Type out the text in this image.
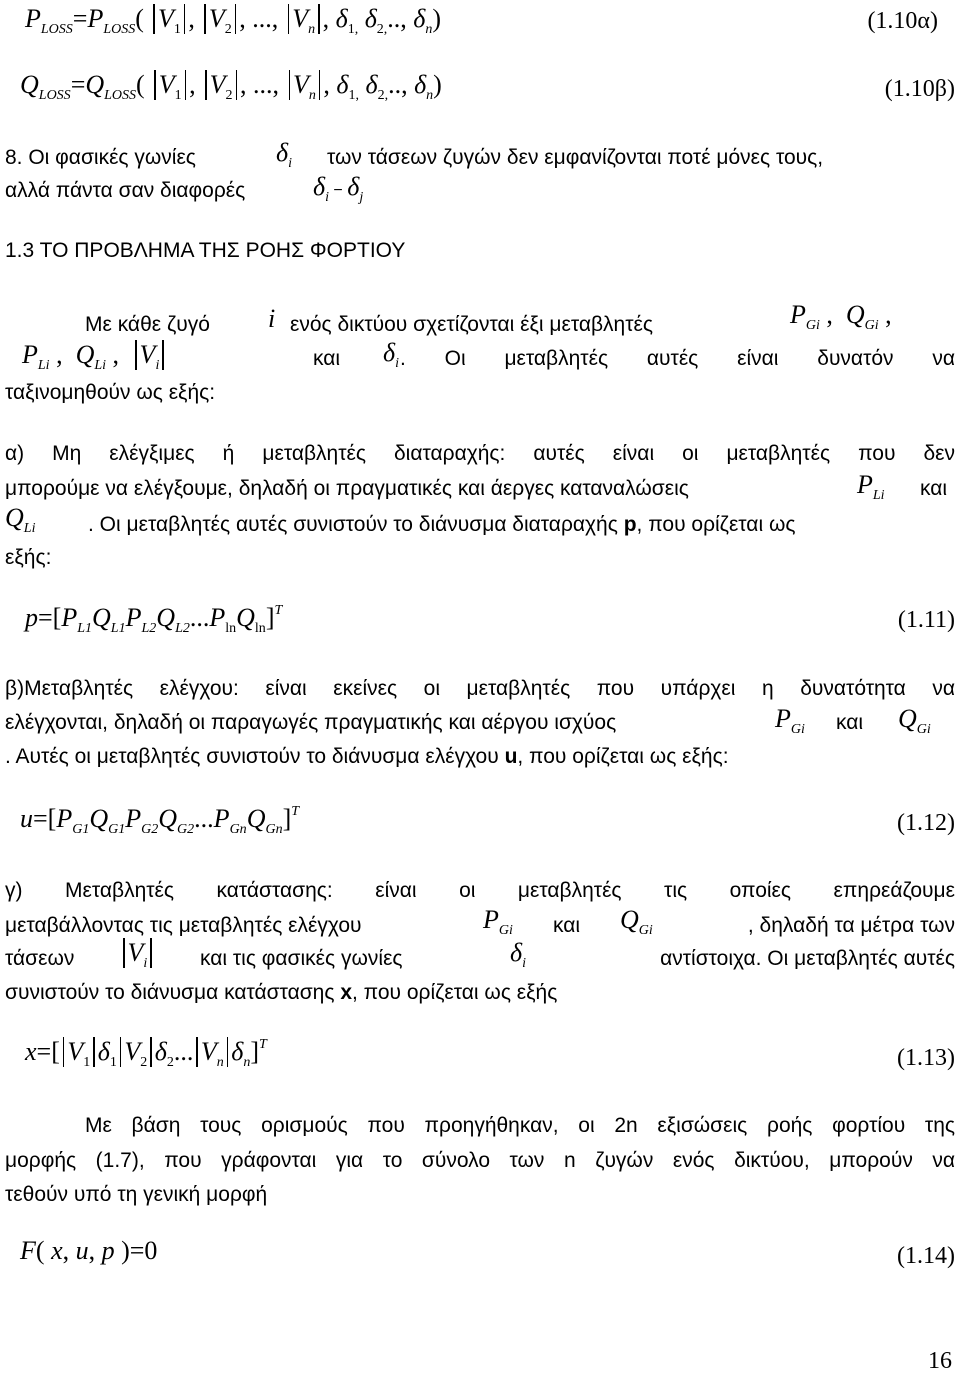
$P_{LOSS}=P_{LOSS}$( $V_1$ , $V_2$ , ..., $V_n$ , $\delta_{1,}$ $\delta_{2,}$.., $\delta_n$)	(1.10α)
$Q_{LOSS}=Q_{LOSS}$( $V_1$ , $V_2$ , ..., $V_n$ , $\delta_{1,}$ $\delta_{2,}$.., $\delta_n$)	(1.10β)
8. Οι φασικές γωνίες	$\delta_i$ των τάσεων ζυγών δεν εμφανίζονται ποτέ μόνες τους,
αλλά πάντα σαν διαφορές	$\delta_i - \delta_j$
1.3 ΤΟ ΠΡΟΒΛΗΜΑ ΤΗΣ ΡΟΗΣ ΦΟΡΤΙΟΥ
Με κάθε ζυγό i ενός δικτύου σχετίζονται έξι μεταβλητές	$P_{Gi}$ ,  $Q_{Gi}$ ,
$P_{Li}$ ,  $Q_{Li}$ ,  $V_i$	και $\delta_i$ . Οι μεταβλητές αυτές είναι δυνατόν να
ταξινομηθούν ως εξής:
α) Μη ελέγξιμες ή μεταβλητές διαταραχής: αυτές είναι οι μεταβλητές που δεν
μπορούμε να ελέγξουμε, δηλαδή οι πραγματικές και άεργες καταναλώσεις	$P_{Li}$ και
$Q_{Li}$	. Οι μεταβλητές αυτές συνιστούν το διάνυσμα διαταραχής p, που ορίζεται ως
εξής:
$p=[P_{L1}Q_{L1}P_{L2}Q_{L2}...P_{ln}Q_{ln}]^T$	(1.11)
β)Μεταβλητές ελέγχου: είναι εκείνες οι μεταβλητές που υπάρχει η δυνατότητα να
ελέγχονται, δηλαδή οι παραγωγές πραγματικής και αέργου ισχύος	$P_{Gi}$ και $Q_{Gi}$
. Αυτές οι μεταβλητές συνιστούν το διάνυσμα ελέγχου u, που ορίζεται ως εξής:
$u=[P_{G1}Q_{G1}P_{G2}Q_{G2}...P_{Gn}Q_{Gn}]^T$	(1.12)
γ) Μεταβλητές κατάστασης: είναι οι μεταβλητές τις οποίες επηρεάζουμε
μεταβάλλοντας τις μεταβλητές ελέγχου	$P_{Gi}$ και $Q_{Gi}$	, δηλαδή τα μέτρα των
τάσεων $V_i$	και τις φασικές γωνίες	$\delta_i$	αντίστοιχα. Οι μεταβλητές αυτές
συνιστούν το διάνυσμα κατάστασης x, που ορίζεται ως εξής
x=[ $V_1$ $\delta_1$ $V_2$ $\delta_2$... $V_n$ $\delta_n]^T$
(1.13)
Με βάση τους ορισμούς που προηγήθηκαν, οι 2n εξισώσεις ροής φορτίου της
μορφής (1.7), που γράφονται για το σύνολο των n ζυγών ενός δικτύου, μπορούν να
τεθούν υπό τη γενική μορφή
F( x, u, p )=0	(1.14)
16
